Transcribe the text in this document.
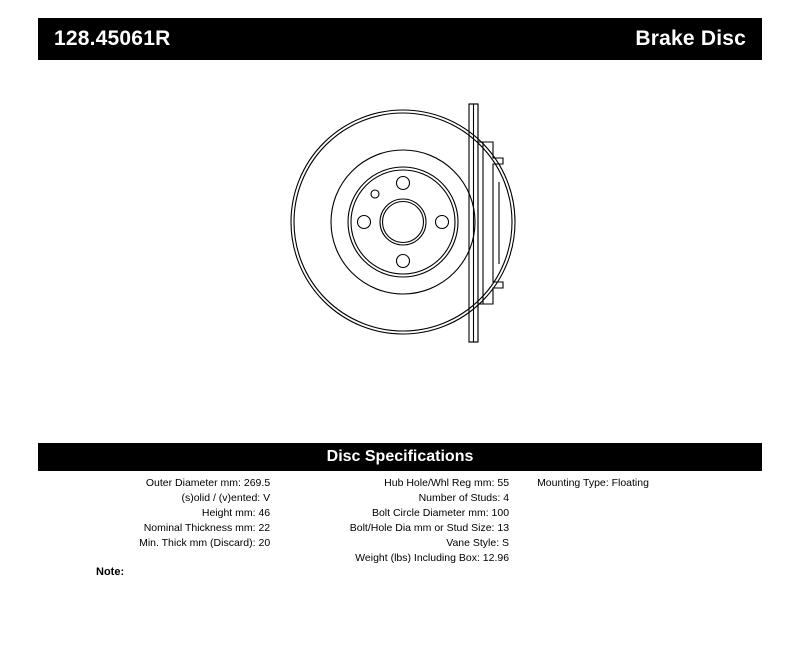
128.45061R	Brake Disc
Disc Specifications
Outer Diameter mm: 269.5
(s)olid / (v)ented: V
Height mm: 46
Nominal Thickness mm: 22
Min. Thick mm (Discard): 20
Hub Hole/Whl Reg mm: 55
Number of Studs: 4
Bolt Circle Diameter mm: 100
Bolt/Hole Dia mm or Stud Size: 13
Vane Style: S
Weight (lbs) Including Box: 12.96
Mounting Type: Floating
Note:
